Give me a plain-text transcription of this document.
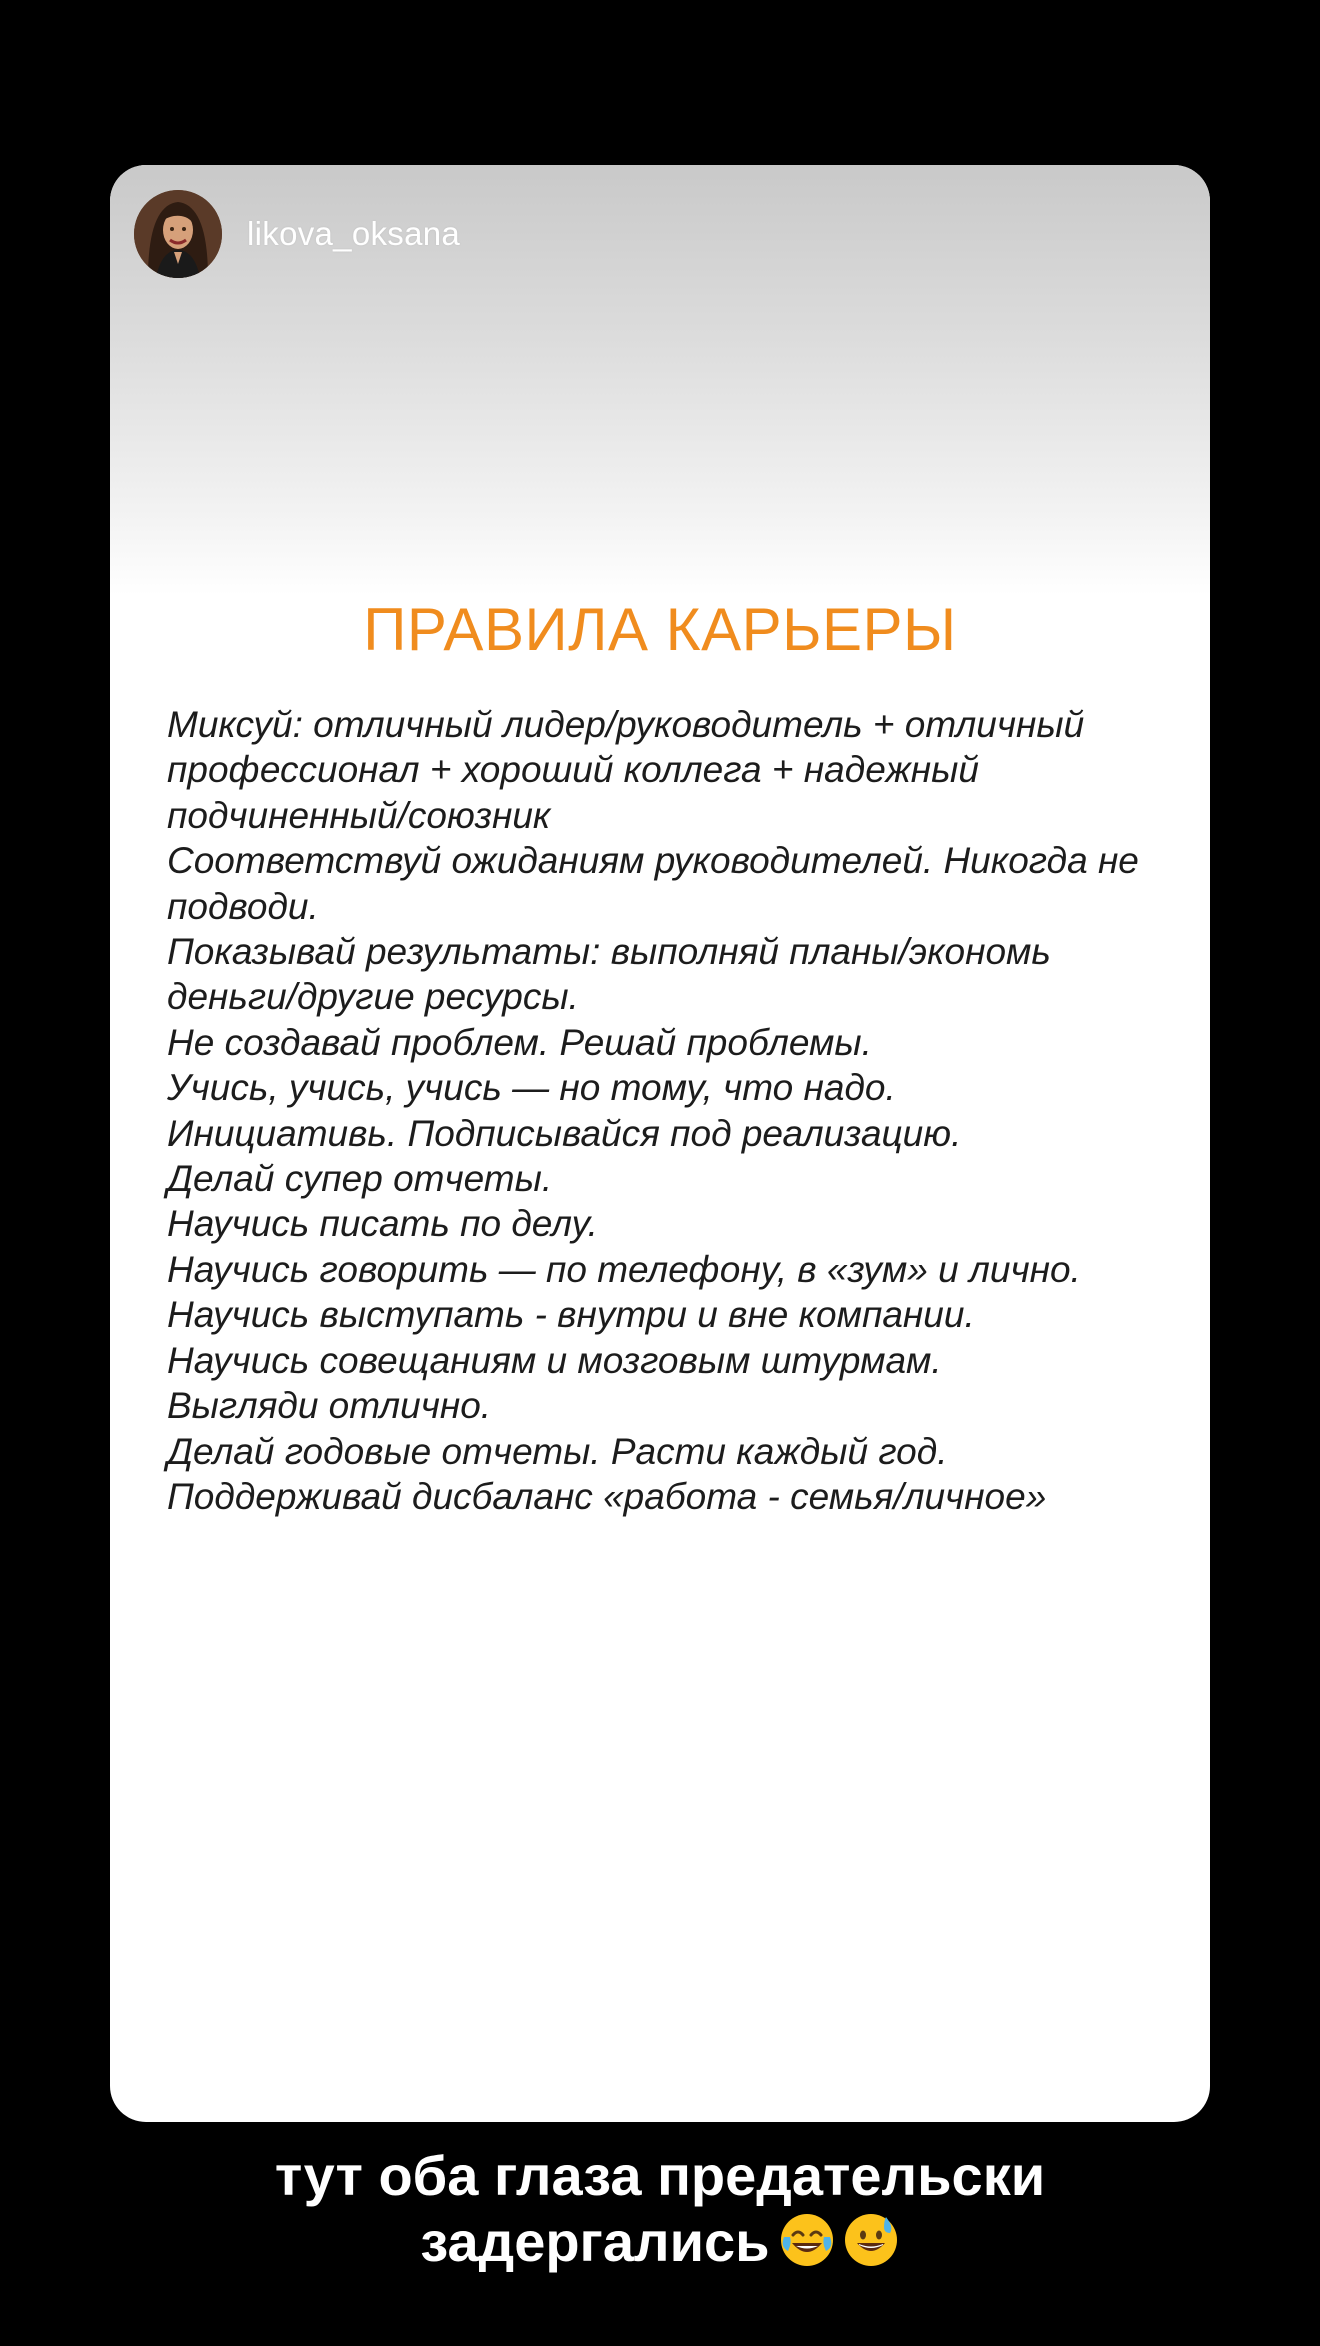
likova_oksana
ПРАВИЛА КАРЬЕРЫ
Миксуй: отличный лидер/руководитель + отличный
профессионал + хороший коллега + надежный
подчиненный/союзник
Соответствуй ожиданиям руководителей. Никогда не
подводи.
Показывай результаты: выполняй планы/экономь
деньги/другие ресурсы.
Не создавай проблем. Решай проблемы.
Учись, учись, учись — но тому, что надо.
Инициативь. Подписывайся под реализацию.
Делай супер отчеты.
Научись писать по делу.
Научись говорить — по телефону, в «зум» и лично.
Научись выступать - внутри и вне компании.
Научись совещаниям и мозговым штурмам.
Выгляди отлично.
Делай годовые отчеты. Расти каждый год.
Поддерживай дисбаланс «работа - семья/личное»
тут оба глаза предательски
задергались
